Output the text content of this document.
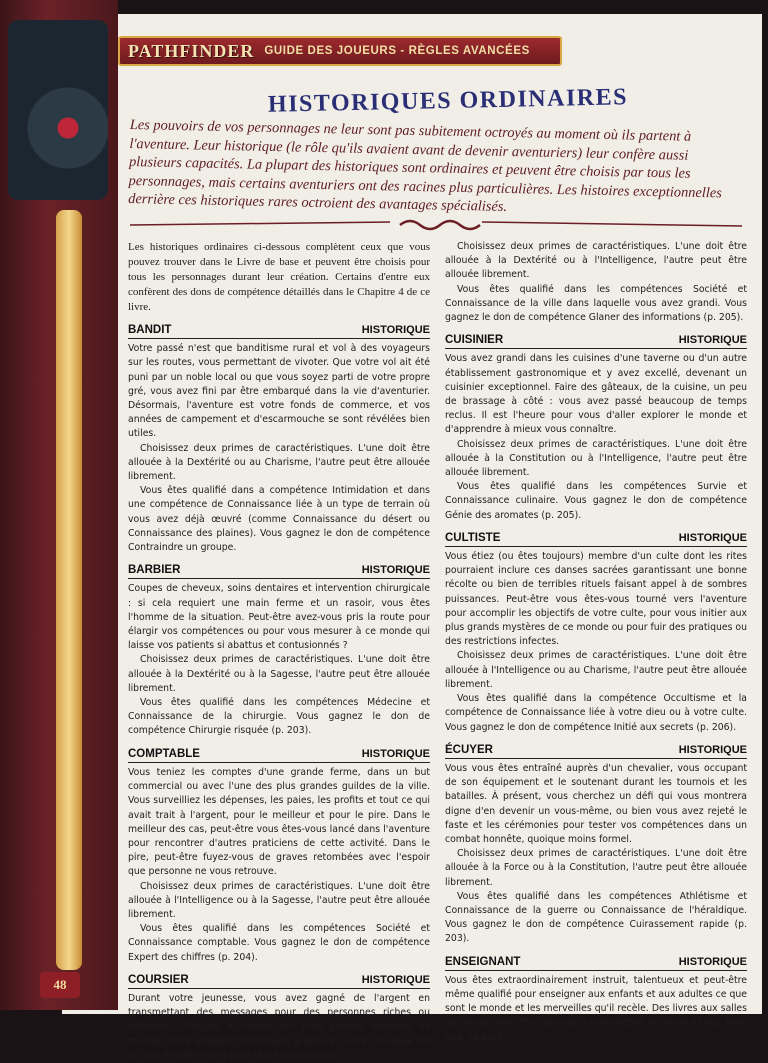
48
PATHFINDER GUIDE DES JOUEURS - RÈGLES AVANCÉES
HISTORIQUES ORDINAIRES
Les pouvoirs de vos personnages ne leur sont pas subitement octroyés au moment où ils partent à l'aventure. Leur historique (le rôle qu'ils avaient avant de devenir aventuriers) leur confère aussi plusieurs capacités. La plupart des historiques sont ordinaires et peuvent être choisis par tous les personnages, mais certains aventuriers ont des racines plus particulières. Les histoires exceptionnelles derrière ces historiques rares octroient des avantages spécialisés.

Les historiques ordinaires ci-dessous complètent ceux que vous pouvez trouver dans le Livre de base et peuvent être choisis pour tous les personnages durant leur création. Certains d'entre eux confèrent des dons de compétence détaillés dans le Chapitre 4 de ce livre.

BANDIT	HISTORIQUE

Votre passé n'est que banditisme rural et vol à des voyageurs sur les routes, vous permettant de vivoter. Que votre vol ait été puni par un noble local ou que vous soyez parti de votre propre gré, vous avez fini par être embarqué dans la vie d'aventurier. Désormais, l'aventure est votre fonds de commerce, et vos années de campement et d'escarmouche se sont révélées bien utiles.

Choisissez deux primes de caractéristiques. L'une doit être allouée à la Dextérité ou au Charisme, l'autre peut être allouée librement.

Vous êtes qualifié dans a compétence Intimidation et dans une compétence de Connaissance liée à un type de terrain où vous avez déjà œuvré (comme Connaissance du désert ou Connaissance des plaines). Vous gagnez le don de compétence Contraindre un groupe.

BARBIER	HISTORIQUE

Coupes de cheveux, soins dentaires et intervention chirurgicale : si cela requiert une main ferme et un rasoir, vous êtes l'homme de la situation. Peut-être avez-vous pris la route pour élargir vos compétences ou pour vous mesurer à ce monde qui laisse vos patients si abattus et contusionnés ?

Choisissez deux primes de caractéristiques. L'une doit être allouée à la Dextérité ou à la Sagesse, l'autre peut être allouée librement.

Vous êtes qualifié dans les compétences Médecine et Connaissance de la chirurgie. Vous gagnez le don de compétence Chirurgie risquée (p. 203).

COMPTABLE	HISTORIQUE

Vous teniez les comptes d'une grande ferme, dans un but commercial ou avec l'une des plus grandes guildes de la ville. Vous surveilliez les dépenses, les paies, les profits et tout ce qui avait trait à l'argent, pour le meilleur et pour le pire. Dans le meilleur des cas, peut-être vous êtes-vous lancé dans l'aventure pour rencontrer d'autres praticiens de cette activité. Dans le pire, peut-être fuyez-vous de graves retombées avec l'espoir que personne ne vous retrouve.

Choisissez deux primes de caractéristiques. L'une doit être allouée à l'Intelligence ou à la Sagesse, l'autre peut être allouée librement.

Vous êtes qualifié dans les compétences Société et Connaissance comptable. Vous gagnez le don de compétence Expert des chiffres (p. 204).

COURSIER	HISTORIQUE

Durant votre jeunesse, vous avez gagné de l'argent en transmettant des messages pour des personnes riches ou influentes, fonçant à travers les rues pavées bondées de monde. Votre engagement tenace à délivrer votre message fut un bon entraînement pour la vie d'aventurier.

Choisissez deux primes de caractéristiques. L'une doit être allouée à la Dextérité ou à l'Intelligence, l'autre peut être allouée librement.

Vous êtes qualifié dans les compétences Société et Connaissance de la ville dans laquelle vous avez grandi. Vous gagnez le don de compétence Glaner des informations (p. 205).

CUISINIER	HISTORIQUE

Vous avez grandi dans les cuisines d'une taverne ou d'un autre établissement gastronomique et y avez excellé, devenant un cuisinier exceptionnel. Faire des gâteaux, de la cuisine, un peu de brassage à côté : vous avez passé beaucoup de temps reclus. Il est l'heure pour vous d'aller explorer le monde et d'apprendre à mieux vous connaître.

Choisissez deux primes de caractéristiques. L'une doit être allouée à la Constitution ou à l'Intelligence, l'autre peut être allouée librement.

Vous êtes qualifié dans les compétences Survie et Connaissance culinaire. Vous gagnez le don de compétence Génie des aromates (p. 205).

CULTISTE	HISTORIQUE

Vous étiez (ou êtes toujours) membre d'un culte dont les rites pourraient inclure ces danses sacrées garantissant une bonne récolte ou bien de terribles rituels faisant appel à de sombres puissances. Peut-être vous êtes-vous tourné vers l'aventure pour accomplir les objectifs de votre culte, pour vous initier aux plus grands mystères de ce monde ou pour fuir des pratiques ou des restrictions infectes.

Choisissez deux primes de caractéristiques. L'une doit être allouée à l'Intelligence ou au Charisme, l'autre peut être allouée librement.

Vous êtes qualifié dans la compétence Occultisme et la compétence de Connaissance liée à votre dieu ou à votre culte. Vous gagnez le don de compétence Initié aux secrets (p. 206).

ÉCUYER	HISTORIQUE

Vous vous êtes entraîné auprès d'un chevalier, vous occupant de son équipement et le soutenant durant les tournois et les batailles. À présent, vous cherchez un défi qui vous montrera digne d'en devenir un vous-même, ou bien vous avez rejeté le faste et les cérémonies pour tester vos compétences dans un combat honnête, quoique moins formel.

Choisissez deux primes de caractéristiques. L'une doit être allouée à la Force ou à la Constitution, l'autre peut être allouée librement.

Vous êtes qualifié dans les compétences Athlétisme et Connaissance de la guerre ou Connaissance de l'héraldique. Vous gagnez le don de compétence Cuirassement rapide (p. 203).

ENSEIGNANT	HISTORIQUE

Vous êtes extraordinairement instruit, talentueux et peut-être même qualifié pour enseigner aux enfants et aux adultes ce que sont le monde et les merveilles qu'il recèle. Des livres aux salles de classe, vous êtes dévoué à transmettre le savoir à tous. Mais tout ne peut
